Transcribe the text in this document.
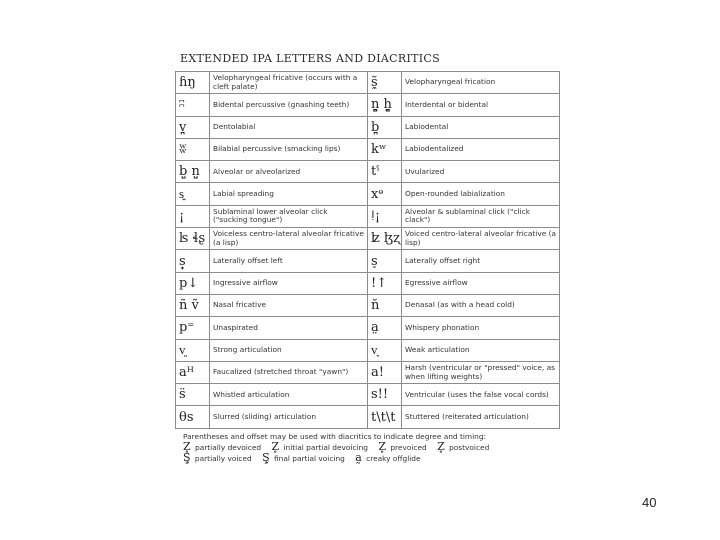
EXTENDED IPA LETTERS AND DIACRITICS
ɦŋ	Velopharyngeal fricative (occurs with a cleft palate)	s̼̃	Velopharyngeal frication
ʭ	Bidental percussive (gnashing teeth)	n̪̺ h̪̺	Interdental or bidental
v̪	Dentolabial	b̪	Labiodental
ʬ	Bilabial percussive (smacking lips)	kʷ	Labiodentalized
b̺ n̺	Alveolar or alveolarized	tˁ	Uvularized
s͍	Labial spreading	xᶱ	Open-rounded labialization
¡	Sublaminal lower alveolar click ("sucking tongue")	ǃ¡	Alveolar & sublaminal click ("click clack")
ʪ ɬʂ	Voiceless centro-lateral alveolar fricative (a lisp)	ʫ ɮʐ	Voiced centro-lateral alveolar fricative (a lisp)
s̟	Laterally offset left	s̠	Laterally offset right
p↓	Ingressive airflow	!↑	Egressive airflow
ñ ṽ	Nasal fricative	n̆	Denasal (as with a head cold)
p⁼	Unaspirated	a̤	Whispery phonation
v͈	Strong articulation	v͉	Weak articulation
aᴴ	Faucalized (stretched throat "yawn")	a!	Harsh (ventricular or "pressed" voice, as when lifting weights)
s̈	Whistled articulation	s!!	Ventricular (uses the false vocal cords)
θs	Slurred (sliding) articulation	t\t\t	Stuttered (reiterated articulation)
Parentheses and offset may be used with diacritics to indicate degree and timing:
Z̥ partially devoiced Z̥ initial partial devoicing Z̥ prevoiced Z̥ postvoiced
Ş̬ partially voiced Ş̬ final partial voicing a̰ creaky offglide
40
